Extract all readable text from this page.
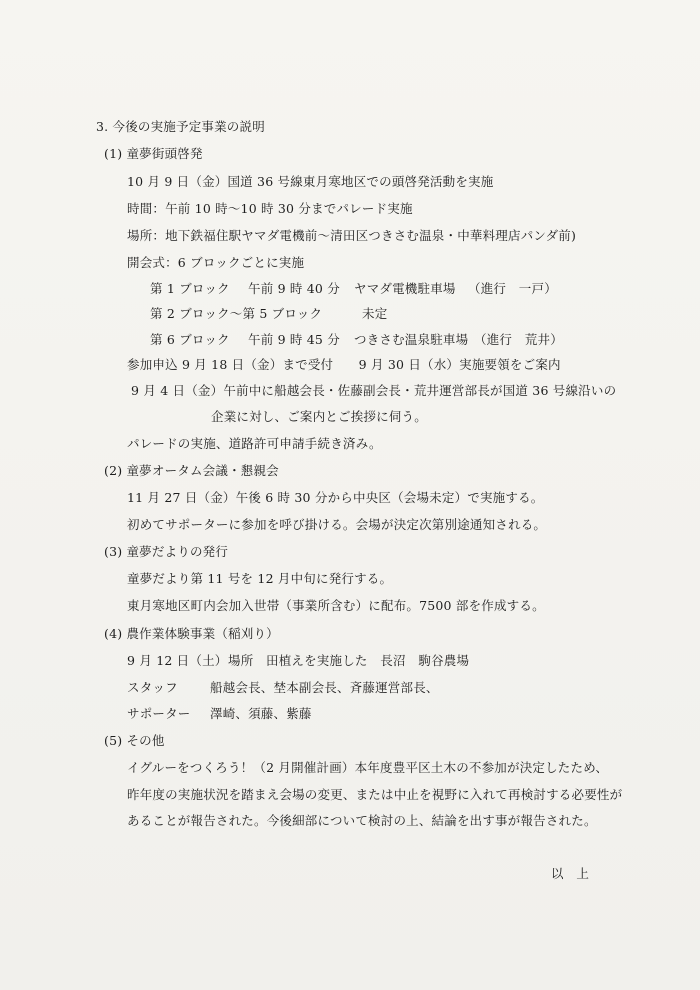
3. 今後の実施予定事業の説明
(1) 童夢街頭啓発
10 月 9 日（金）国道 36 号線東月寒地区での頭啓発活動を実施
時間：午前 10 時〜10 時 30 分までパレード実施
場所：地下鉄福住駅ヤマダ電機前〜清田区つきさむ温泉・中華料理店パンダ前)
開会式：6 ブロックごとに実施
第 1 ブロック 午前 9 時 40 分 ヤマダ電機駐車場 （進行　一戸）
第 2 ブロック〜第 5 ブロック	未定
第 6 ブロック 午前 9 時 45 分 つきさむ温泉駐車場 （進行　荒井）
参加申込 9 月 18 日（金）まで受付　　9 月 30 日（水）実施要領をご案内
9 月 4 日（金）午前中に船越会長・佐藤副会長・荒井運営部長が国道 36 号線沿いの
企業に対し、ご案内とご挨拶に伺う。
パレードの実施、道路許可申請手続き済み。
(2) 童夢オータム会議・懇親会
11 月 27 日（金）午後 6 時 30 分から中央区（会場未定）で実施する。
初めてサポーターに参加を呼び掛ける。会場が決定次第別途通知される。
(3) 童夢だよりの発行
童夢だより第 11 号を 12 月中旬に発行する。
東月寒地区町内会加入世帯（事業所含む）に配布。7500 部を作成する。
(4) 農作業体験事業（稲刈り）
9 月 12 日（土） 場所 田植えを実施した　長沼　駒谷農場
スタッフ	船越会長、埜本副会長、斉藤運営部長、
サポーター 澤崎、須藤、紫藤
(5) その他
イグルーをつくろう！（2 月開催計画）本年度豊平区土木の不参加が決定したため、
昨年度の実施状況を踏まえ会場の変更、または中止を視野に入れて再検討する必要性が
あることが報告された。今後細部について検討の上、結論を出す事が報告された。
以　上
